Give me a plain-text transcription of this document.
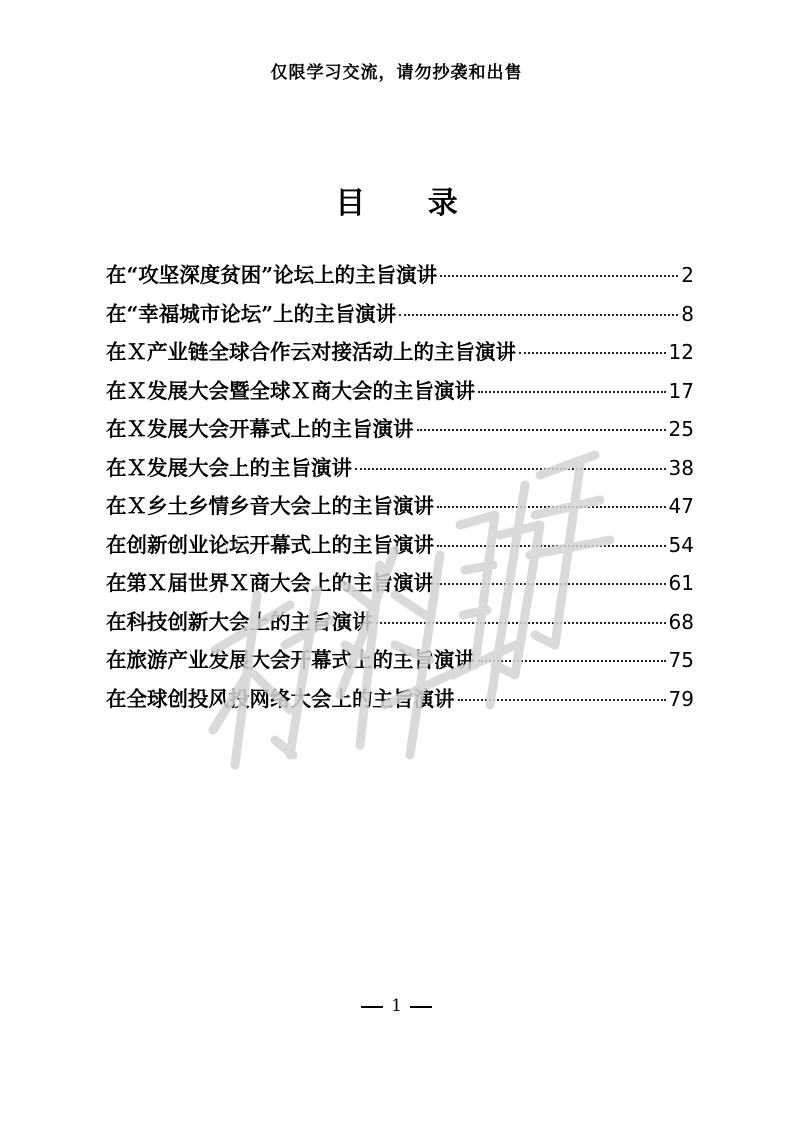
仅限学习交流，请勿抄袭和出售
目 录
在“攻坚深度贫困”论坛上的主旨演讲	2
在“幸福城市论坛”上的主旨演讲	8
在Ｘ产业链全球合作云对接活动上的主旨演讲	12
在Ｘ发展大会暨全球Ｘ商大会的主旨演讲	17
在Ｘ发展大会开幕式上的主旨演讲	25
在Ｘ发展大会上的主旨演讲	38
在Ｘ乡土乡情乡音大会上的主旨演讲	47
在创新创业论坛开幕式上的主旨演讲	54
在第Ｘ届世界Ｘ商大会上的主旨演讲	61
在科技创新大会上的主旨演讲	68
在旅游产业发展大会开幕式上的主旨演讲	75
在全球创投风投网络大会上的主旨演讲	79
1
